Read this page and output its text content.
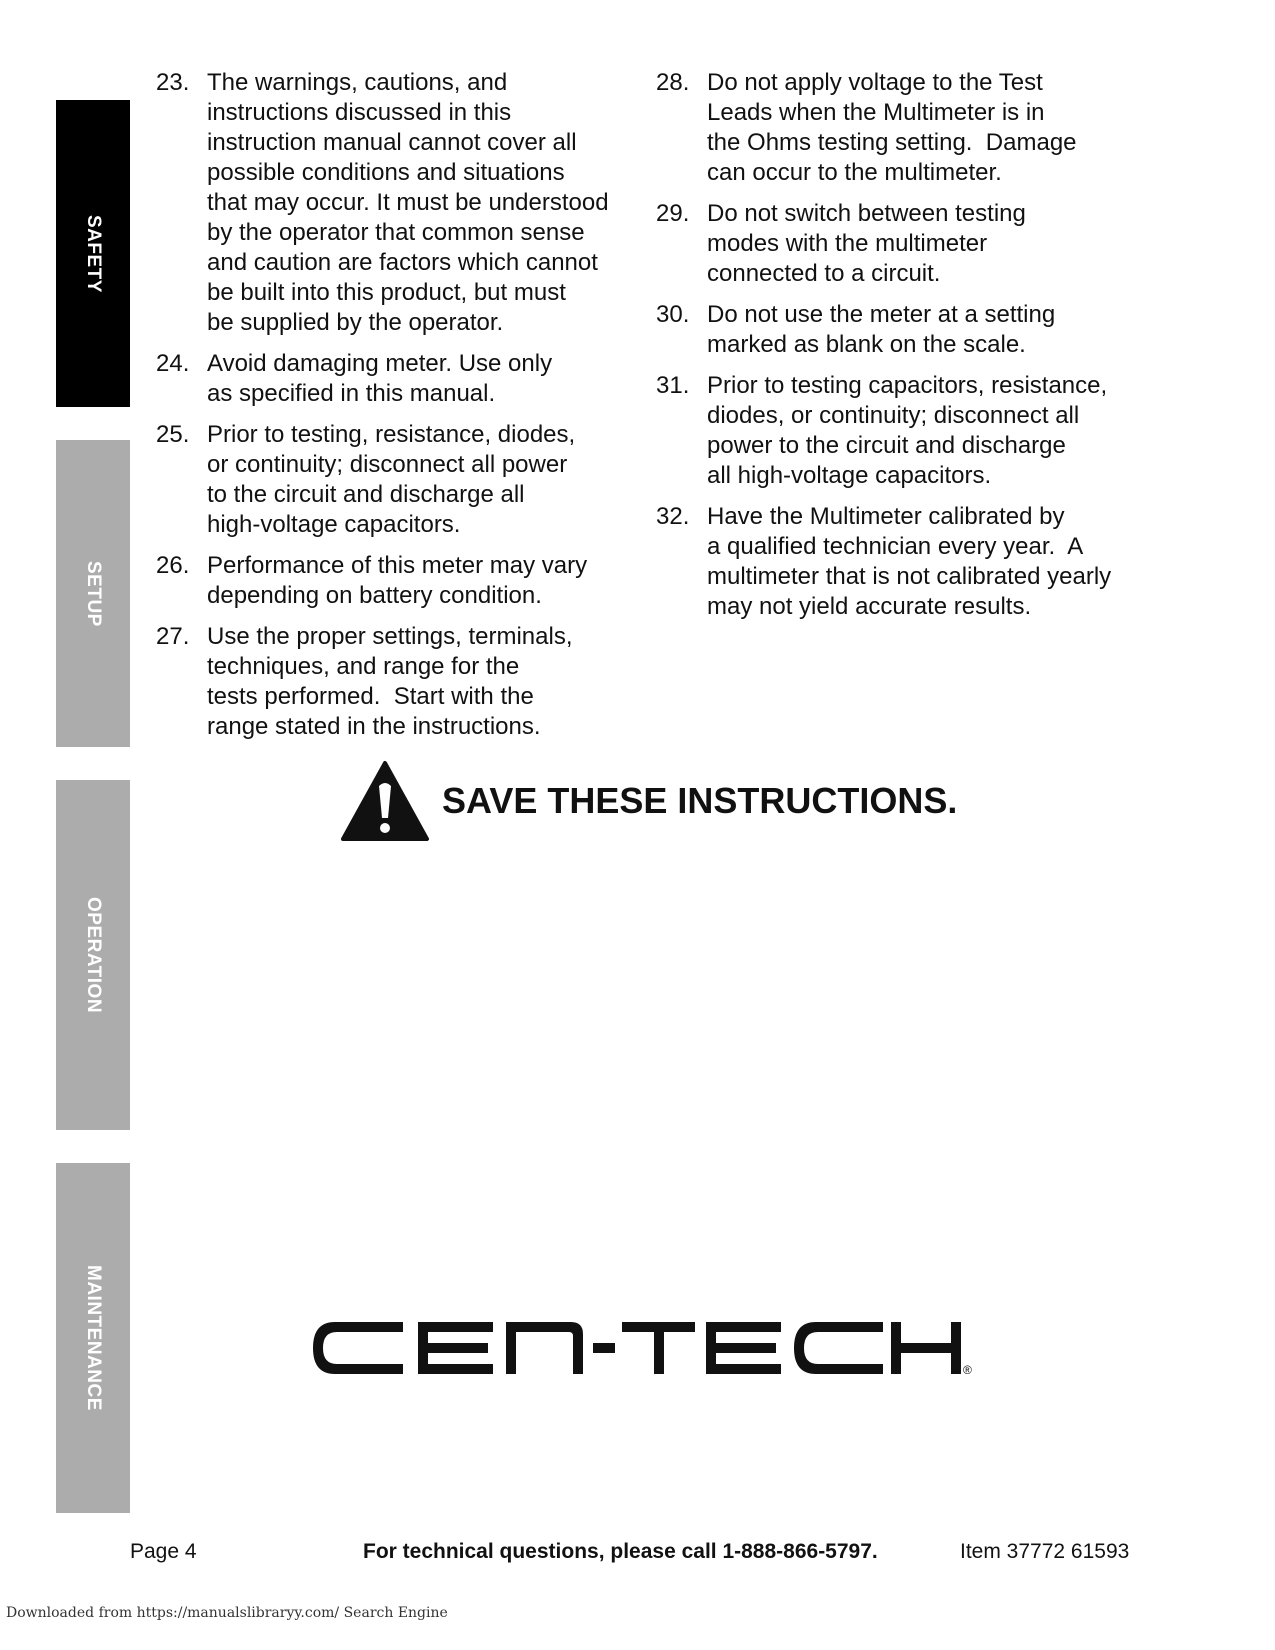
SAFETY
SETUP
OPERATION
MAINTENANCE
23. The warnings, cautions, and
instructions discussed in this
instruction manual cannot cover all
possible conditions and situations
that may occur. It must be understood
by the operator that common sense
and caution are factors which cannot
be built into this product, but must
be supplied by the operator.
24. Avoid damaging meter. Use only
as specified in this manual.
25. Prior to testing, resistance, diodes,
or continuity; disconnect all power
to the circuit and discharge all
high-voltage capacitors.
26. Performance of this meter may vary
depending on battery condition.
27. Use the proper settings, terminals,
techniques, and range for the
tests performed.  Start with the
range stated in the instructions.
28. Do not apply voltage to the Test
Leads when the Multimeter is in
the Ohms testing setting.  Damage
can occur to the multimeter.
29. Do not switch between testing
modes with the multimeter
connected to a circuit.
30. Do not use the meter at a setting
marked as blank on the scale.
31. Prior to testing capacitors, resistance,
diodes, or continuity; disconnect all
power to the circuit and discharge
all high-voltage capacitors.
32. Have the Multimeter calibrated by
a qualified technician every year.  A
multimeter that is not calibrated yearly
may not yield accurate results.
SAVE THESE INSTRUCTIONS.
®
Page 4	For technical questions, please call 1-888-866-5797.	Item 37772 61593
Downloaded from https://manualslibraryy.com/ Search Engine
